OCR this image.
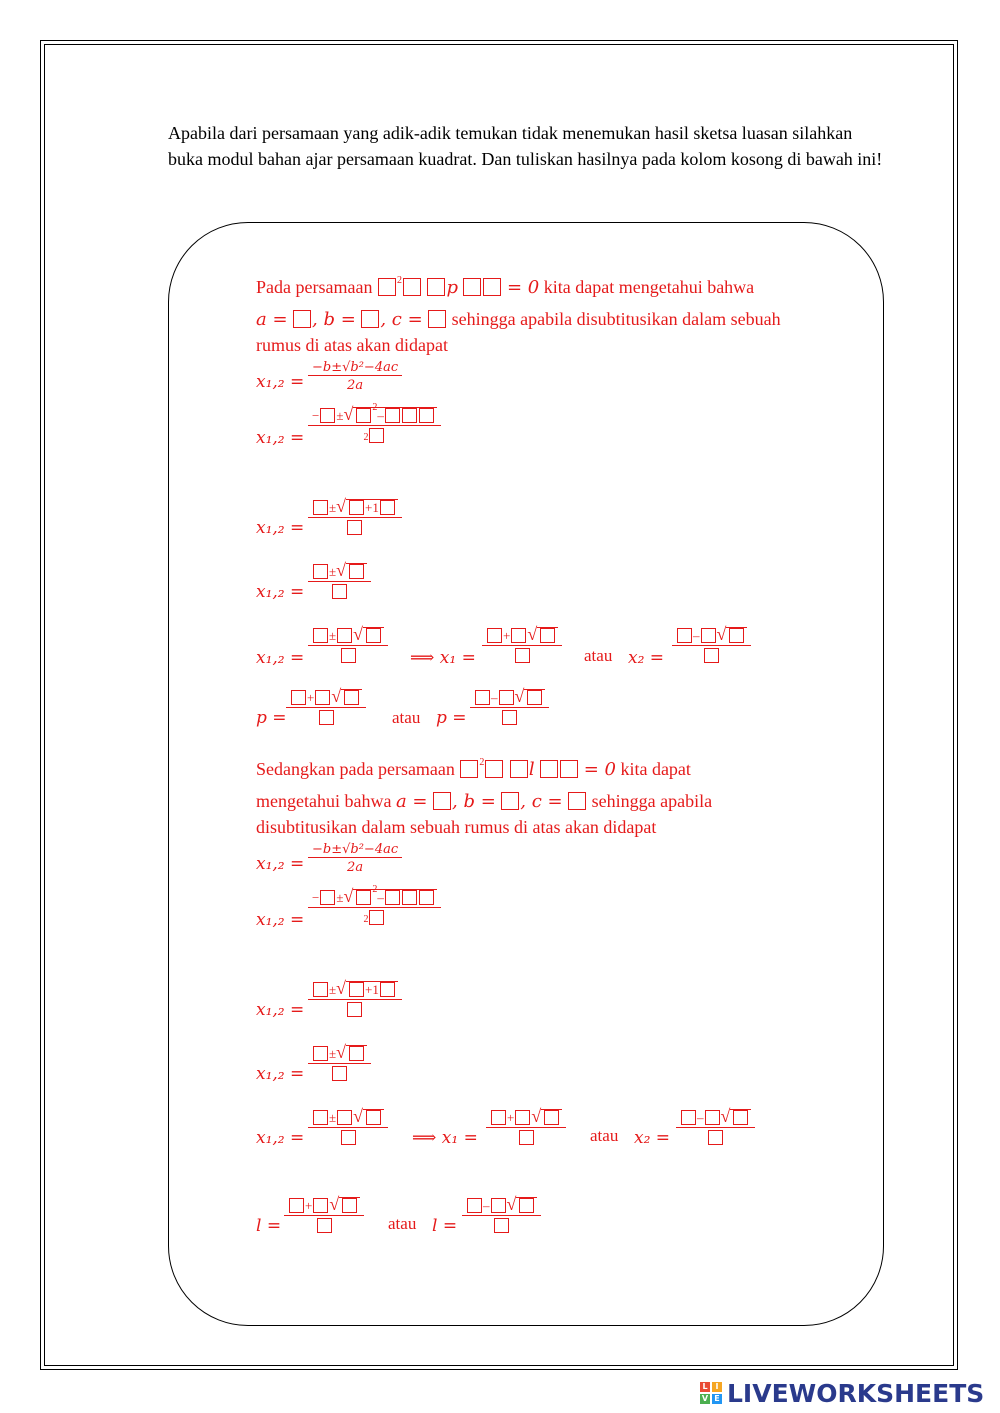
Apabila dari persamaan yang adik-adik temukan tidak menemukan hasil sketsa luasan silahkan buka modul bahan ajar persamaan kuadrat. Dan tuliskan hasilnya pada kolom kosong di bawah ini!
Pada persamaan $^2$ p	= 0 kita dapat mengetahui bahwa
a = , b = , c = sehingga apabila disubtitusikan dalam sebuah
rumus di atas akan didapat
x₁,₂ =
−b±√b²−4ac
2a
x₁,₂ =
− ±√ $^2$–
2
x₁,₂ =
±√ +1
x₁,₂ =
±√
x₁,₂ =
± √
⟹ x₁ =
+ √
atau x₂ =
– √
p =
+ √
atau p =
– √
Sedangkan pada persamaan $^2$ l	= 0 kita dapat
mengetahui bahwa a = , b = , c = sehingga apabila
disubtitusikan dalam sebuah rumus di atas akan didapat
x₁,₂ =
−b±√b²−4ac
2a
x₁,₂ =
− ±√ $^2$–
2
x₁,₂ =
±√ +1
x₁,₂ =
±√
x₁,₂ =
± √
⟹ x₁ =
+ √
atau x₂ =
– √
l =
+ √
atau l =
– √
L I
V E LIVEWORKSHEETS
